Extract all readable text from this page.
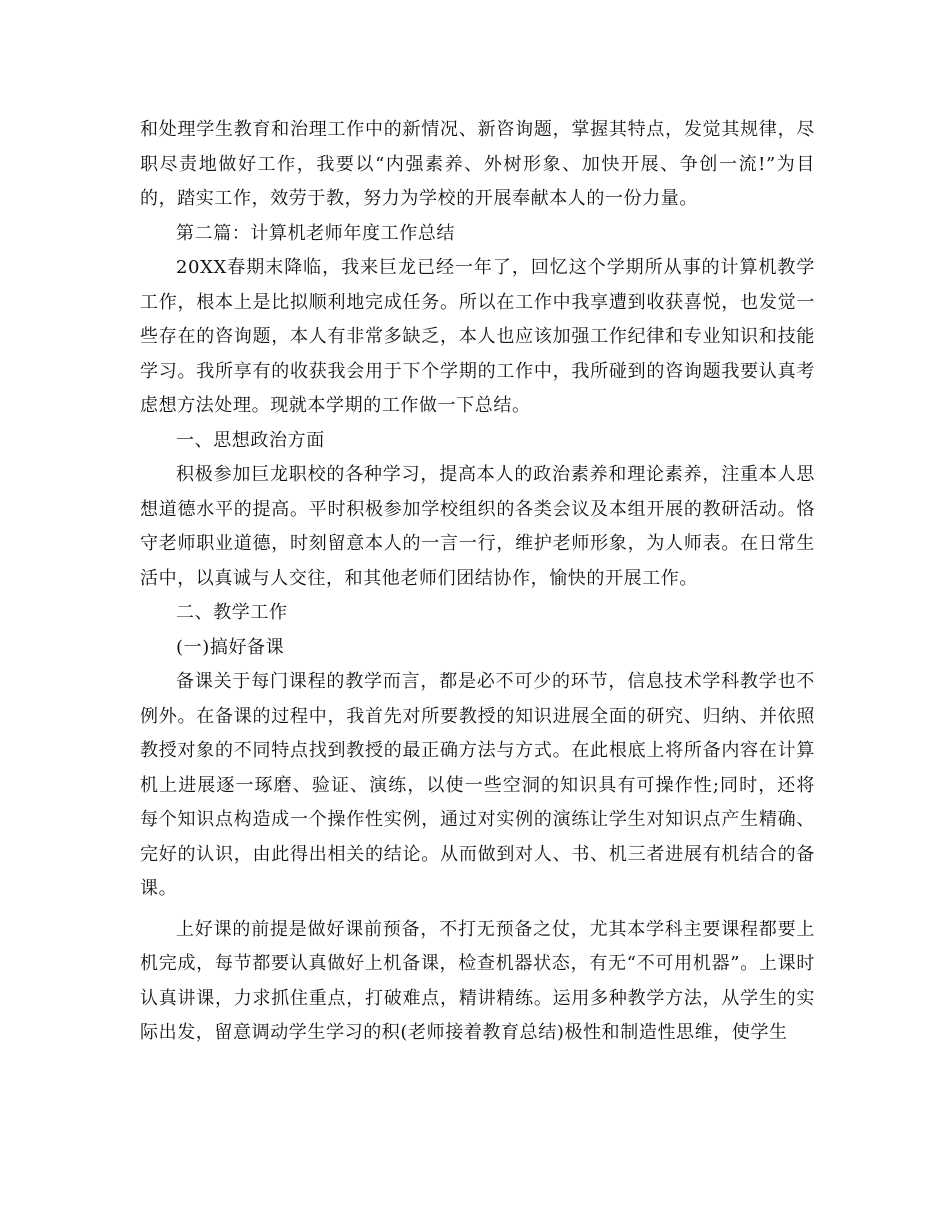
和处理学生教育和治理工作中的新情况、新咨询题，掌握其特点，发觉其规律，尽职尽责地做好工作，我要以“内强素养、外树形象、加快开展、争创一流!”为目的，踏实工作，效劳于教，努力为学校的开展奉献本人的一份力量。

第二篇：计算机老师年度工作总结

20XX春期末降临，我来巨龙已经一年了，回忆这个学期所从事的计算机教学工作，根本上是比拟顺利地完成任务。所以在工作中我享遭到收获喜悦，也发觉一些存在的咨询题，本人有非常多缺乏，本人也应该加强工作纪律和专业知识和技能学习。我所享有的收获我会用于下个学期的工作中，我所碰到的咨询题我要认真考虑想方法处理。现就本学期的工作做一下总结。

一、思想政治方面

积极参加巨龙职校的各种学习，提高本人的政治素养和理论素养，注重本人思想道德水平的提高。平时积极参加学校组织的各类会议及本组开展的教研活动。恪守老师职业道德，时刻留意本人的一言一行，维护老师形象，为人师表。在日常生活中，以真诚与人交往，和其他老师们团结协作，愉快的开展工作。

二、教学工作

(一)搞好备课

备课关于每门课程的教学而言，都是必不可少的环节，信息技术学科教学也不例外。在备课的过程中，我首先对所要教授的知识进展全面的研究、归纳、并依照教授对象的不同特点找到教授的最正确方法与方式。在此根底上将所备内容在计算机上进展逐一琢磨、验证、演练，以使一些空洞的知识具有可操作性;同时，还将每个知识点构造成一个操作性实例，通过对实例的演练让学生对知识点产生精确、完好的认识，由此得出相关的结论。从而做到对人、书、机三者进展有机结合的备课。

上好课的前提是做好课前预备，不打无预备之仗，尤其本学科主要课程都要上机完成，每节都要认真做好上机备课，检查机器状态，有无“不可用机器”。上课时认真讲课，力求抓住重点，打破难点，精讲精练。运用多种教学方法，从学生的实际出发，留意调动学生学习的积(老师接着教育总结)极性和制造性思维，使学生
